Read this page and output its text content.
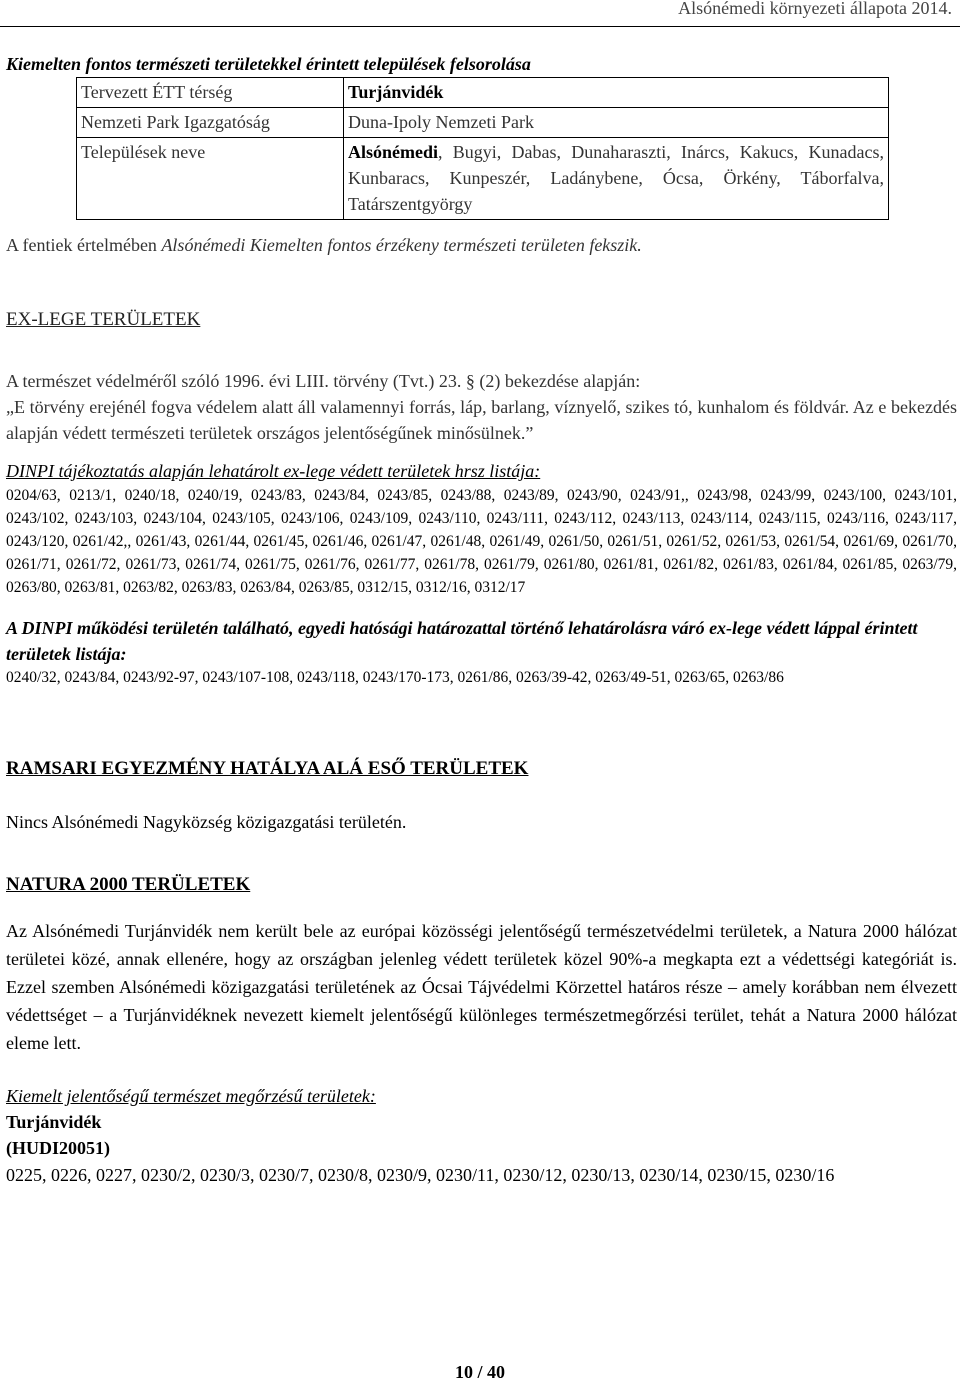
Alsónémedi környezeti állapota 2014.

Kiemelten fontos természeti területekkel érintett települések felsorolása

Tervezett ÉTT térség	Turjánvidék
Nemzeti Park Igazgatóság	Duna-Ipoly Nemzeti Park
Települések neve	Alsónémedi, Bugyi, Dabas, Dunaharaszti, Inárcs, Kakucs, Kunadacs, Kunbaracs, Kunpeszér, Ladánybene, Ócsa, Örkény, Táborfalva, Tatárszentgyörgy

A fentiek értelmében Alsónémedi Kiemelten fontos érzékeny természeti területen fekszik.

EX-LEGE TERÜLETEK

A természet védelméről szóló 1996. évi LIII. törvény (Tvt.) 23. § (2) bekezdése alapján:

„E törvény erejénél fogva védelem alatt áll valamennyi forrás, láp, barlang, víznyelő, szikes tó, kunhalom és földvár. Az e bekezdés alapján védett természeti területek országos jelentőségűnek minősülnek.”

DINPI tájékoztatás alapján lehatárolt ex-lege védett területek hrsz listája:

0204/63, 0213/1, 0240/18, 0240/19, 0243/83, 0243/84, 0243/85, 0243/88, 0243/89, 0243/90, 0243/91,, 0243/98, 0243/99, 0243/100, 0243/101, 0243/102, 0243/103, 0243/104, 0243/105, 0243/106, 0243/109, 0243/110, 0243/111, 0243/112, 0243/113, 0243/114, 0243/115, 0243/116, 0243/117, 0243/120, 0261/42,, 0261/43, 0261/44, 0261/45, 0261/46, 0261/47, 0261/48, 0261/49, 0261/50, 0261/51, 0261/52, 0261/53, 0261/54, 0261/69, 0261/70, 0261/71, 0261/72, 0261/73, 0261/74, 0261/75, 0261/76, 0261/77, 0261/78, 0261/79, 0261/80, 0261/81, 0261/82, 0261/83, 0261/84, 0261/85, 0263/79, 0263/80, 0263/81, 0263/82, 0263/83, 0263/84, 0263/85, 0312/15, 0312/16, 0312/17

A DINPI működési területén található, egyedi hatósági határozattal történő lehatárolásra váró ex-lege védett láppal érintett területek listája:

0240/32, 0243/84, 0243/92-97, 0243/107-108, 0243/118, 0243/170-173, 0261/86, 0263/39-42, 0263/49-51, 0263/65, 0263/86

RAMSARI EGYEZMÉNY HATÁLYA ALÁ ESŐ TERÜLETEK

Nincs Alsónémedi Nagyközség közigazgatási területén.

NATURA 2000 TERÜLETEK

Az Alsónémedi Turjánvidék nem került bele az európai közösségi jelentőségű természetvédelmi területek, a Natura 2000 hálózat területei közé, annak ellenére, hogy az országban jelenleg védett területek közel 90%-a megkapta ezt a védettségi kategóriát is. Ezzel szemben Alsónémedi közigazgatási területének az Ócsai Tájvédelmi Körzettel határos része – amely korábban nem élvezett védettséget – a Turjánvidéknek nevezett kiemelt jelentőségű különleges természetmegőrzési terület, tehát a Natura 2000 hálózat eleme lett.

Kiemelt jelentőségű természet megőrzésű területek:

Turjánvidék

(HUDI20051)

0225, 0226, 0227, 0230/2, 0230/3, 0230/7, 0230/8, 0230/9, 0230/11, 0230/12, 0230/13, 0230/14, 0230/15, 0230/16

10 / 40
